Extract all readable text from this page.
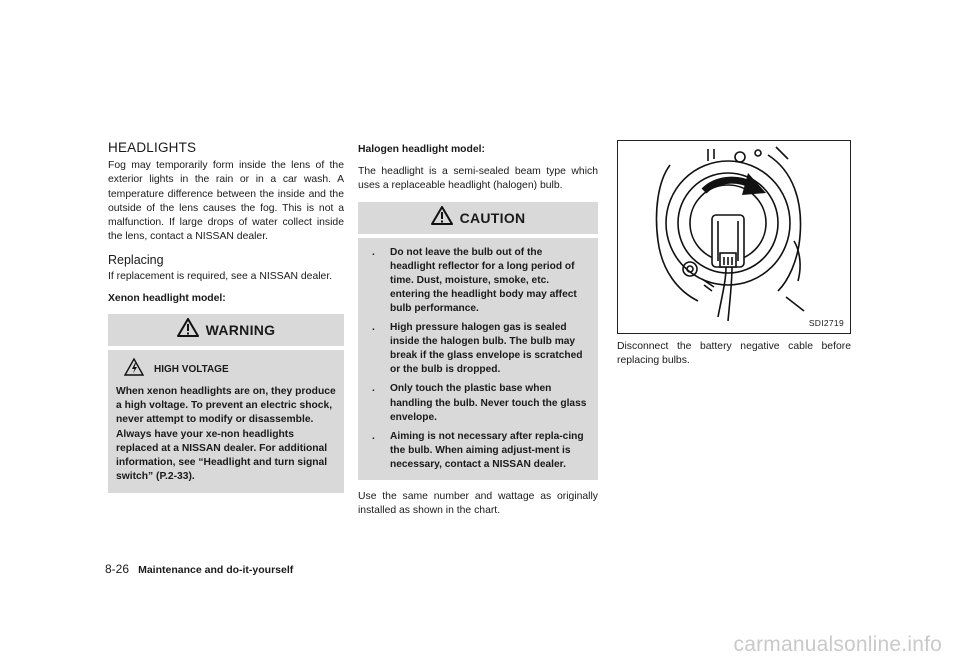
HEADLIGHTS

Fog may temporarily form inside the lens of the exterior lights in the rain or in a car wash. A temperature difference between the inside and the outside of the lens causes the fog. This is not a malfunction. If large drops of water collect inside the lens, contact a NISSAN dealer.

Replacing

If replacement is required, see a NISSAN dealer.

Xenon headlight model:

WARNING
HIGH VOLTAGE

When xenon headlights are on, they produce a high voltage. To prevent an electric shock, never attempt to modify or disassemble. Always have your xe-non headlights replaced at a NISSAN dealer. For additional information, see “Headlight and turn signal switch” (P.2-33).

Halogen headlight model:

The headlight is a semi-sealed beam type which uses a replaceable headlight (halogen) bulb.

CAUTION
. Do not leave the bulb out of the headlight reflector for a long period of time. Dust, moisture, smoke, etc. entering the headlight body may affect bulb performance.
. High pressure halogen gas is sealed inside the halogen bulb. The bulb may break if the glass envelope is scratched or the bulb is dropped.
. Only touch the plastic base when handling the bulb. Never touch the glass envelope.
. Aiming is not necessary after repla-cing the bulb. When aiming adjust-ment is necessary, contact a NISSAN dealer.

Use the same number and wattage as originally installed as shown in the chart.

SDI2719

Disconnect the battery negative cable before replacing bulbs.

8-26 Maintenance and do-it-yourself
carmanualsonline.info
